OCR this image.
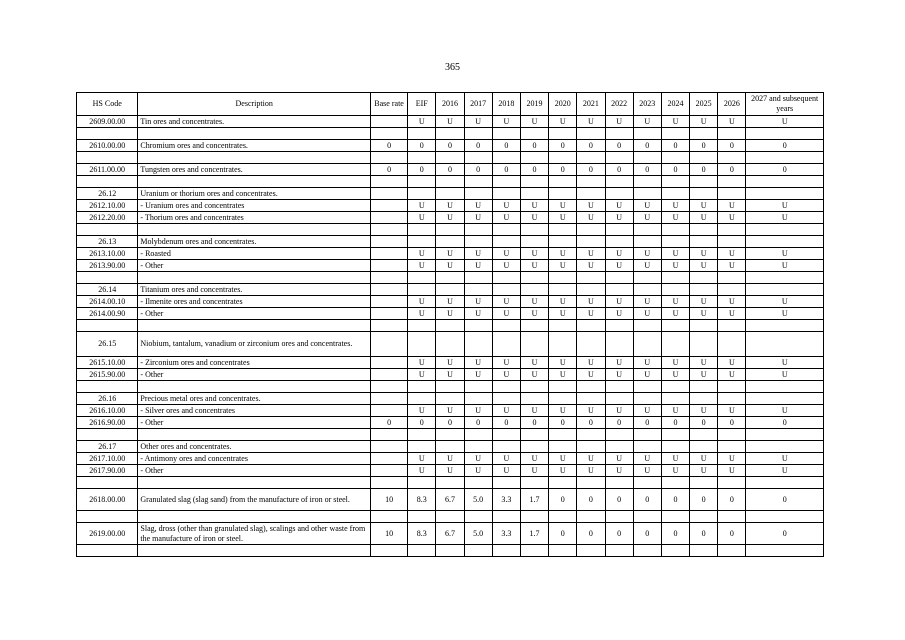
365
HS Code	Description	Base rate	EIF	2016	2017	2018	2019	2020	2021	2022	2023	2024	2025	2026	2027 and subsequent years
2609.00.00	Tin ores and concentrates.		U	U	U	U	U	U	U	U	U	U	U	U	U

2610.00.00	Chromium ores and concentrates.	0	0	0	0	0	0	0	0	0	0	0	0	0	0

2611.00.00	Tungsten ores and concentrates.	0	0	0	0	0	0	0	0	0	0	0	0	0	0

26.12	Uranium or thorium ores and concentrates.														
2612.10.00	- Uranium ores and concentrates		U	U	U	U	U	U	U	U	U	U	U	U	U
2612.20.00	- Thorium ores and concentrates		U	U	U	U	U	U	U	U	U	U	U	U	U

26.13	Molybdenum ores and concentrates.														
2613.10.00	- Roasted		U	U	U	U	U	U	U	U	U	U	U	U	U
2613.90.00	- Other		U	U	U	U	U	U	U	U	U	U	U	U	U

26.14	Titanium ores and concentrates.														
2614.00.10	- Ilmenite ores and concentrates		U	U	U	U	U	U	U	U	U	U	U	U	U
2614.00.90	- Other		U	U	U	U	U	U	U	U	U	U	U	U	U

26.15	Niobium, tantalum, vanadium or zirconium ores and concentrates.														
2615.10.00	- Zirconium ores and concentrates		U	U	U	U	U	U	U	U	U	U	U	U	U
2615.90.00	- Other		U	U	U	U	U	U	U	U	U	U	U	U	U

26.16	Precious metal ores and concentrates.														
2616.10.00	- Silver ores and concentrates		U	U	U	U	U	U	U	U	U	U	U	U	U
2616.90.00	- Other	0	0	0	0	0	0	0	0	0	0	0	0	0	0

26.17	Other ores and concentrates.														
2617.10.00	- Antimony ores and concentrates		U	U	U	U	U	U	U	U	U	U	U	U	U
2617.90.00	- Other		U	U	U	U	U	U	U	U	U	U	U	U	U

2618.00.00	Granulated slag (slag sand) from the manufacture of iron or steel.	10	8.3	6.7	5.0	3.3	1.7	0	0	0	0	0	0	0	0

2619.00.00	Slag, dross (other than granulated slag), scalings and other waste from the manufacture of iron or steel.	10	8.3	6.7	5.0	3.3	1.7	0	0	0	0	0	0	0	0
